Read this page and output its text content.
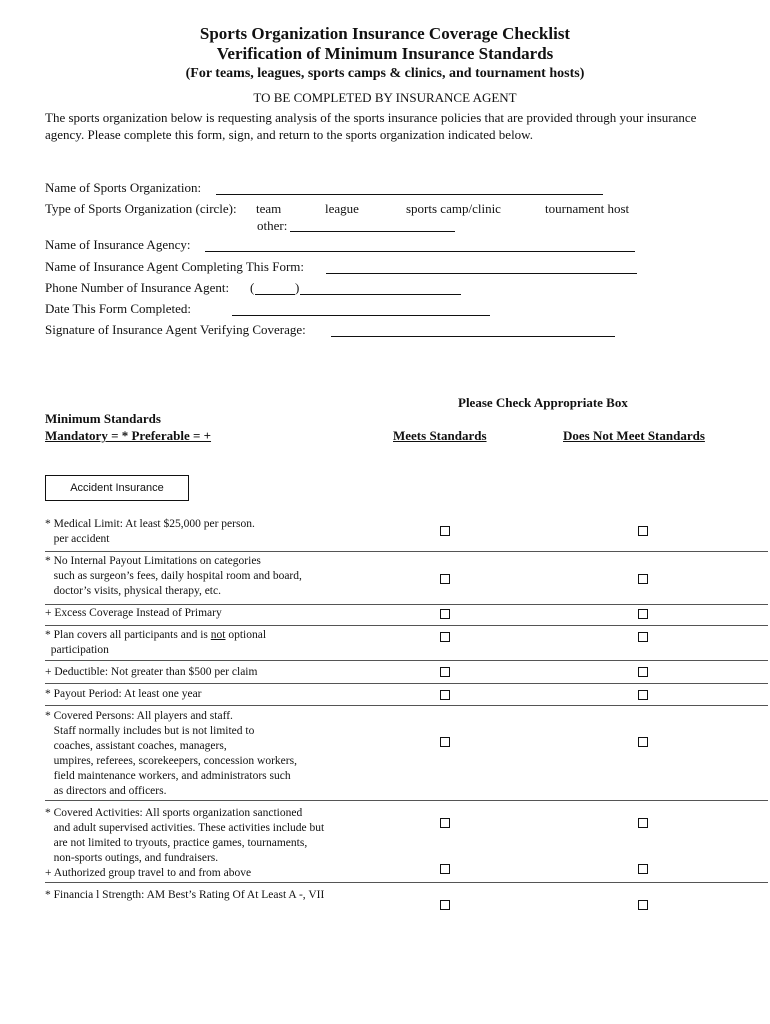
Sports Organization Insurance Coverage Checklist
Verification of Minimum Insurance Standards
(For teams, leagues, sports camps & clinics, and tournament hosts)
TO BE COMPLETED BY INSURANCE AGENT
The sports organization below is requesting analysis of the sports insurance policies that are provided through your insurance agency. Please complete this form, sign, and return to the sports organization indicated below.
Name of Sports Organization:
Type of Sports Organization (circle): team	league	sports camp/clinic	tournament host
other:
Name of Insurance Agency:
Name of Insurance Agent Completing This Form:
Phone Number of Insurance Agent: (	)
Date This Form Completed:
Signature of Insurance Agent Verifying Coverage:
Please Check Appropriate Box
Minimum Standards
Mandatory = * Preferable = +	Meets Standards	Does Not Meet Standards
Accident Insurance
* Medical Limit: At least $25,000 per person.
per accident
* No Internal Payout Limitations on categories
such as surgeon’s fees, daily hospital room and board,
doctor’s visits, physical therapy, etc.
+ Excess Coverage Instead of Primary
* Plan covers all participants and is not optional
participation
+ Deductible: Not greater than $500 per claim
* Payout Period: At least one year
* Covered Persons: All players and staff.
Staff normally includes but is not limited to
coaches, assistant coaches, managers,
umpires, referees, scorekeepers, concession workers,
field maintenance workers, and administrators such
as directors and officers.
* Covered Activities: All sports organization sanctioned
and adult supervised activities. These activities include but
are not limited to tryouts, practice games, tournaments,
non-sports outings, and fundraisers.
+ Authorized group travel to and from above
* Financia l Strength: AM Best’s Rating Of At Least A -, VII
